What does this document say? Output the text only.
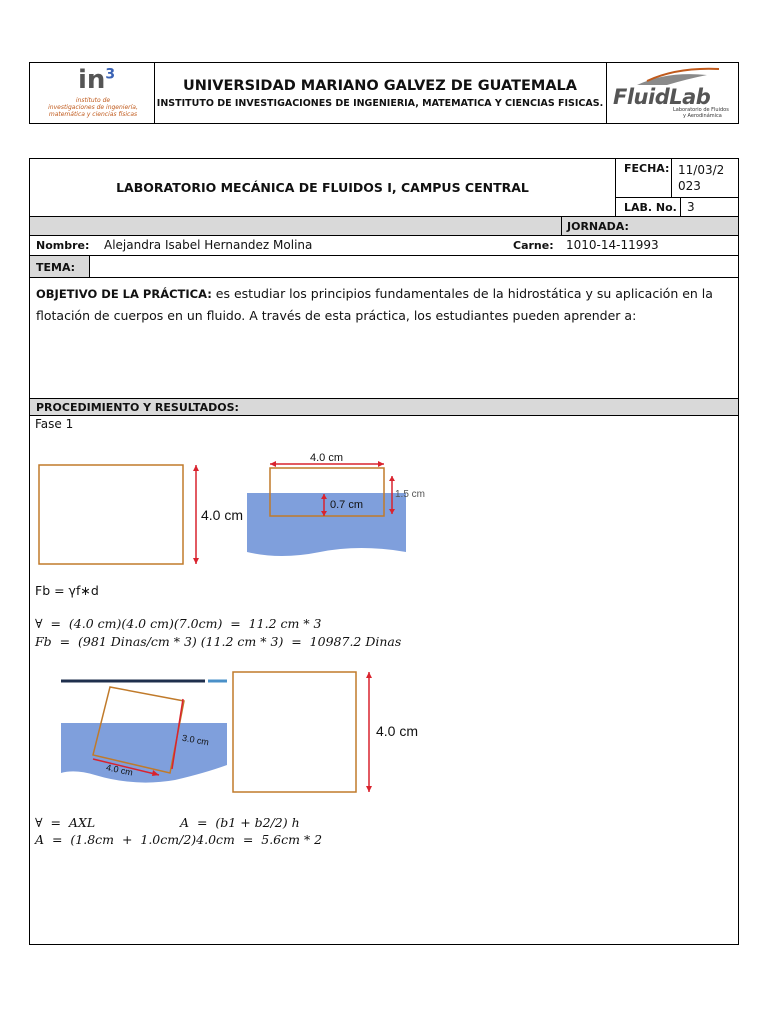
$in^3$
instituto de
investigaciones de ingeniería,
matemática y ciencias físicas
UNIVERSIDAD MARIANO GALVEZ DE GUATEMALA
INSTITUTO DE INVESTIGACIONES DE INGENIERIA, MATEMATICA Y CIENCIAS FISICAS. FluidLab
Laboratorio de Fluidos
y Aerodinámica
LABORATORIO MECÁNICA DE FLUIDOS I, CAMPUS CENTRAL
FECHA: 11/03/2
023
LAB. No. 3
JORNADA:
Nombre: Alejandra Isabel Hernandez Molina	Carne: 1010-14-11993
TEMA:
OBJETIVO DE LA PRÁCTICA: es estudiar los principios fundamentales de la hidrostática y su aplicación en la
flotación de cuerpos en un fluido. A través de esta práctica, los estudiantes pueden aprender a:
PROCEDIMIENTO Y RESULTADOS:
Fase 1
4.0 cm
4.0 cm
0.7 cm
1.5 cm
Fb = γf∗d
∀  =  (4.0 cm)(4.0 cm)(7.0cm)  =  11.2 cm * 3
Fb  =  (981 Dinas/cm * 3) (11.2 cm * 3)  =  10987.2 Dinas
3.0 cm
4.0 cm
4.0 cm
∀  =  AXL	A  =  (b1 + b2/2) h
A  =  (1.8cm  +  1.0cm/2)4.0cm  =  5.6cm * 2
